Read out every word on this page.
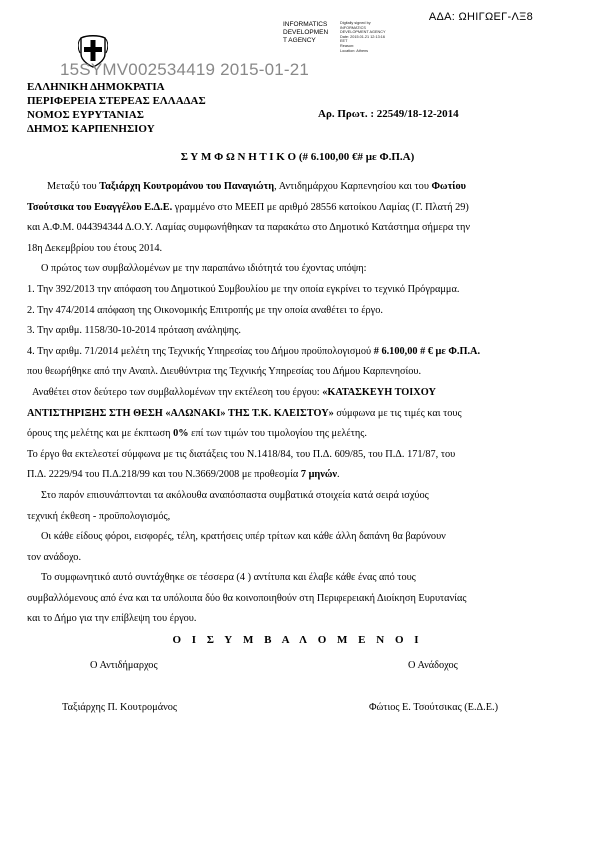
ΑΔΑ: ΩΗΙΓΩΕΓ-ΛΞ8
INFORMATICS
DEVELOPMEN
T AGENCY
Digitally signed by
INFORMATICS
DEVELOPMENT AGENCY
Date: 2015.01.21 12:13:16
EET
Reason:
Location: Athens
15SYMV002534419 2015-01-21
ΕΛΛΗΝΙΚΗ ΔΗΜΟΚΡΑΤΙΑ
ΠΕΡΙΦΕΡΕΙΑ ΣΤΕΡΕΑΣ ΕΛΛΑΔΑΣ
ΝΟΜΟΣ ΕΥΡΥΤΑΝΙΑΣ
ΔΗΜΟΣ ΚΑΡΠΕΝΗΣΙΟΥ
Αρ. Πρωτ. : 22549/18-12-2014
Σ Υ Μ Φ Ω Ν Η Τ Ι Κ Ο (# 6.100,00 €# με Φ.Π.Α)

Μεταξύ του Ταξιάρχη Κουτρομάνου του Παναγιώτη, Αντιδημάρχου Καρπενησίου και του Φωτίου

Τσούτσικα του Ευαγγέλου Ε.Δ.Ε. γραμμένο στο ΜΕΕΠ με αριθμό 28556 κατοίκου Λαμίας (Γ. Πλατή 29)

και Α.Φ.Μ. 044394344 Δ.Ο.Υ. Λαμίας συμφωνήθηκαν τα παρακάτω στο Δημοτικό Κατάστημα σήμερα την

18η Δεκεμβρίου του έτους 2014.

Ο πρώτος των συμβαλλομένων με την παραπάνω ιδιότητά του έχοντας υπόψη:

1. Την 392/2013 την απόφαση του Δημοτικού Συμβουλίου με την οποία εγκρίνει το τεχνικό Πρόγραμμα.

2. Την 474/2014 απόφαση της Οικονομικής Επιτροπής με την οποία αναθέτει το έργο.

3. Την αριθμ. 1158/30-10-2014 πρόταση ανάληψης.

4. Την αριθμ. 71/2014 μελέτη της Τεχνικής Υπηρεσίας του Δήμου προϋπολογισμού # 6.100,00 # € με Φ.Π.Α.

που θεωρήθηκε από την Αναπλ. Διευθύντρια της Τεχνικής Υπηρεσίας του Δήμου Καρπενησίου.

Αναθέτει στον δεύτερο των συμβαλλομένων την εκτέλεση του έργου: «ΚΑΤΑΣΚΕΥΗ ΤΟΙΧΟΥ

ΑΝΤΙΣΤΗΡΙΞΗΣ ΣΤΗ ΘΕΣΗ «ΑΛΩΝΑΚΙ» ΤΗΣ Τ.Κ. ΚΛΕΙΣΤΟΥ» σύμφωνα με τις τιμές και τους

όρους της μελέτης και με έκπτωση 0% επί των τιμών του τιμολογίου της μελέτης.

Το έργο θα εκτελεστεί σύμφωνα με τις διατάξεις του Ν.1418/84, του Π.Δ. 609/85, του Π.Δ. 171/87, του

Π.Δ. 2229/94 του Π.Δ.218/99 και του Ν.3669/2008 με προθεσμία 7 μηνών.

Στο παρόν επισυνάπτονται τα ακόλουθα αναπόσπαστα συμβατικά στοιχεία κατά σειρά ισχύος

τεχνική έκθεση - προϋπολογισμός,

Οι κάθε είδους φόροι, εισφορές, τέλη, κρατήσεις υπέρ τρίτων και κάθε άλλη δαπάνη θα βαρύνουν

τον ανάδοχο.

Το συμφωνητικό αυτό συντάχθηκε σε τέσσερα (4 ) αντίτυπα και έλαβε κάθε ένας από τους

συμβαλλόμενους από ένα και τα υπόλοιπα δύο θα κοινοποιηθούν στη Περιφερειακή Διοίκηση Ευρυτανίας

και το Δήμο για την επίβλεψη του έργου.

Ο Ι Σ Υ Μ Β Α Λ Ο Μ Ε Ν Ο Ι
Ο Αντιδήμαρχος	Ο Ανάδοχος
Ταξιάρχης Π. Κουτρομάνος	Φώτιος Ε. Τσούτσικας (Ε.Δ.Ε.)
